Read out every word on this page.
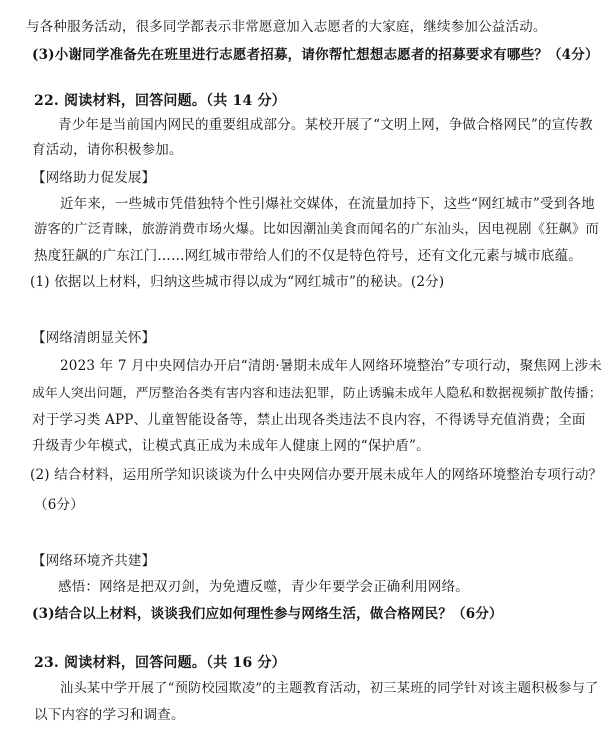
与各种服务活动，很多同学都表示非常愿意加入志愿者的大家庭，继续参加公益活动。
(3)小谢同学准备先在班里进行志愿者招募，请你帮忙想想志愿者的招募要求有哪些？（4分）
22. 阅读材料，回答问题。（共 14 分）
青少年是当前国内网民的重要组成部分。某校开展了“文明上网，争做合格网民”的宣传教
育活动，请你积极参加。
【网络助力促发展】
近年来，一些城市凭借独特个性引爆社交媒体，在流量加持下，这些“网红城市”受到各地
游客的广泛青睐，旅游消费市场火爆。比如因潮汕美食而闻名的广东汕头，因电视剧《狂飙》而
热度狂飙的广东江门……网红城市带给人们的不仅是特色符号，还有文化元素与城市底蕴。
(1) 依据以上材料，归纳这些城市得以成为“网红城市”的秘诀。(2分)
【网络清朗显关怀】
2023 年 7 月中央网信办开启“清朗·暑期未成年人网络环境整治”专项行动，聚焦网上涉未
成年人突出问题，严厉整治各类有害内容和违法犯罪，防止诱骗未成年人隐私和数据视频扩散传播；
对于学习类 APP、儿童智能设备等，禁止出现各类违法不良内容，不得诱导充值消费；全面
升级青少年模式，让模式真正成为未成年人健康上网的“保护盾”。
(2) 结合材料，运用所学知识谈谈为什么中央网信办要开展未成年人的网络环境整治专项行动？
（6分）
【网络环境齐共建】
感悟：网络是把双刃剑，为免遭反噬，青少年要学会正确利用网络。
(3)结合以上材料，谈谈我们应如何理性参与网络生活，做合格网民？（6分）
23. 阅读材料，回答问题。（共 16 分）
汕头某中学开展了“预防校园欺凌”的主题教育活动，初三某班的同学针对该主题积极参与了
以下内容的学习和调查。
